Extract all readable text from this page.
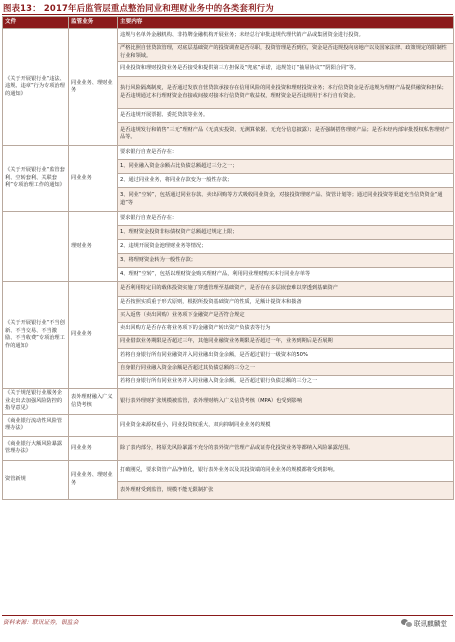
图表13： 2017年后监管层重点整治同业和理财业务中的各类套利行为
文件	监管业务	主要内容
《关于开展银行业“违法、违规、违章”行为专项治理的通知》	同业业务、理财业务	违规与名单外金融机构、非持牌金融机构开展业务；未经总行审批违规代理代销产品或集团资金进行投资。
		严格比照自营贷款管理，对底层基础资产的投资调查是否尽职，投资管理是否到位，资金是否违规投向房地产以及国家法律、政策规定的限制性行业和领域。
		同业投资和理财投资业务是否接受和提供第三方担保及“兜底”承诺，违规签订“抽屉协议”“阴阳合同”等。
		执行风险隔离制度，是否通过发放自营贷款承接存在信用风险的同业投资和理财投资业务；本行信贷资金是否违规为理财产品提供融资和担保；是否违规通过本行理财资金直接或间接对接本行信贷资产收益权，理财资金是否违规用于本行自有资金。
		是否违规开展票据、委托贷款等业务。
		是否违规发行和销售“三无”理财产品（无真实投资、无测算依据、无充分信息披露）；是否强制搭售理财产品；是否未经内部审批授权私售理财产品等。
《关于开展银行业“监管套利、空转套利、关联套利”专项治理工作的通知》	同业业务	要求银行自查是否存在：
		1、同业融入资金余额占比负债总额超过三分之一；
		2、通过同业业务，将同业存款变为一般性存款；
		3、同业“空转”，包括通过同业存款、卖出回购等方式吸收同业资金，对接投资理财产品、资管计划等；通过同业投资等渠道充当信贷资金“通道”等
	理财业务	要求银行自查是否存在：
		1、理财资金投资非标债权资产总额超过规定上限；
		2、违规开展资金池理财业务等情况；
		3、将理财资金转为一般性存款；
		4、理财“空转”，包括以理财资金购买理财产品，利用同业理财购买本行同业存单等
《关于开展银行业“不当创新、不当交易、不当激励、不当收费”专项治理工作的通知》	同业业务	是否利用特定目的载体投资实施了穿透管理至基础资产，是否存在多层嵌套难以穿透到基础资产
		是否按照实质重于形式原则，根据所投资基础资产的性质，足额计提资本和拨备
		买入返售（卖出回购）业务项下金融资产是否符合规定
		卖出回购方是否存在将业务项下的金融资产转出资产负债表等行为
		同业借款业务期限是否超过三年，其他同业融资业务期限是否超过一年，业务到期后是否展期
		若将自身银行所有同业融资并入同业融出资金余额，是否超过银行一级资本的50%
		自身银行同业融入资金余额是否超过其负债总额的三分之一
		若将自身银行所有同业业务并入同业融入资金余额，是否超过银行负债总额的三分之一
《关于规范银行业服务企业走出去加强风险防控的指导意见》	表外理财融入广义信贷考核	银行表外理财扩张规模被监管，表外理财纳入广义信贷考核（MPA）也受到影响
《商业银行流动性风险管理办法》		同业资金来源权重小，同业投资权重大，双向抑制同业业务的规模
《商业银行大额风险暴露管理办法》	同业业务	除了表内部分，将原先风险暴露不充分的表外资产管理产品或证券化投资业务等都纳入风险暴露范围。
资管新规	同业业务、理财业务	打破刚兑，要求资管产品净值化，银行表外业务以及其投资端的同业业务的规模都将受到影响。
		表外理财受到监管，规模不能无限制扩张
资料来源：联讯证券，银监会	联讯麒麟堂
